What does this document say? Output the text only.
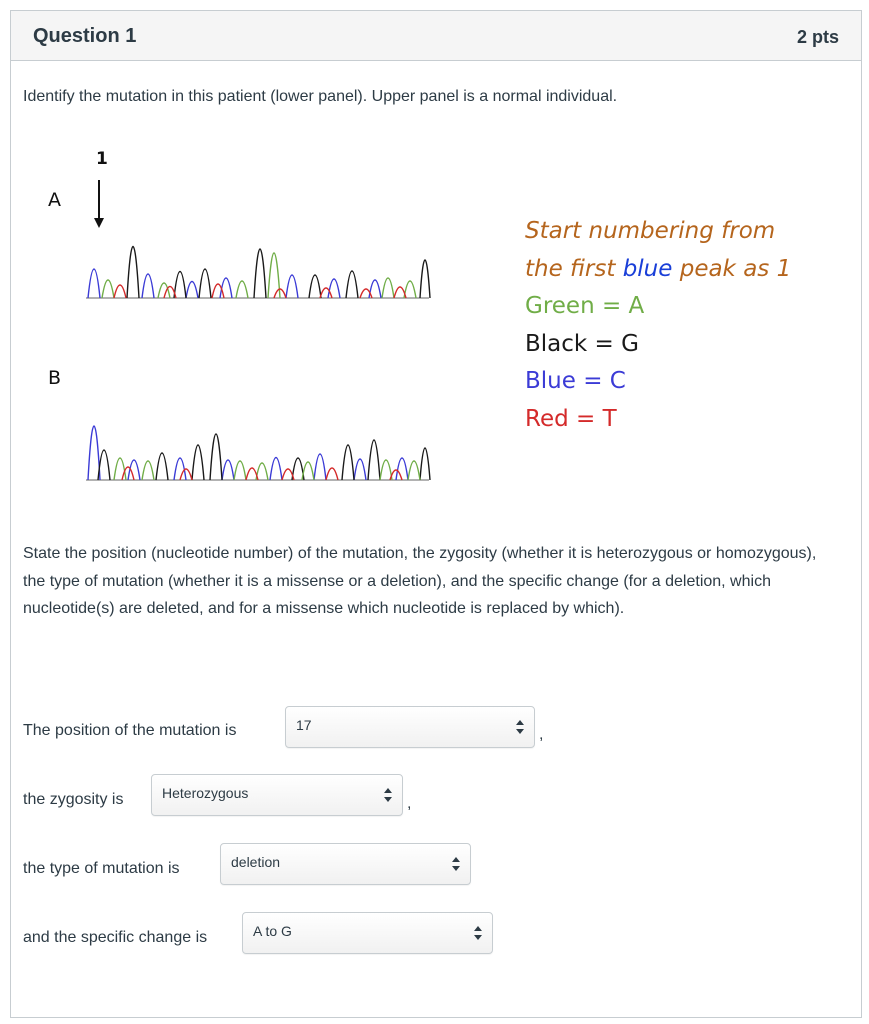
Question 1	2 pts
Identify the mutation in this patient (lower panel). Upper panel is a normal individual.
1
A
B
Start numbering from
the first blue peak as 1
Green = A
Black = G
Blue = C
Red = T
State the position (nucleotide number) of the mutation, the zygosity (whether it is heterozygous or homozygous), the type of mutation (whether it is a missense or a deletion), and the specific change (for a deletion, which nucleotide(s) are deleted, and for a missense which nucleotide is replaced by which).
The position of the mutation is	17
,
the zygosity is	Heterozygous
,
the type of mutation is	deletion
and the specific change is	A to G
